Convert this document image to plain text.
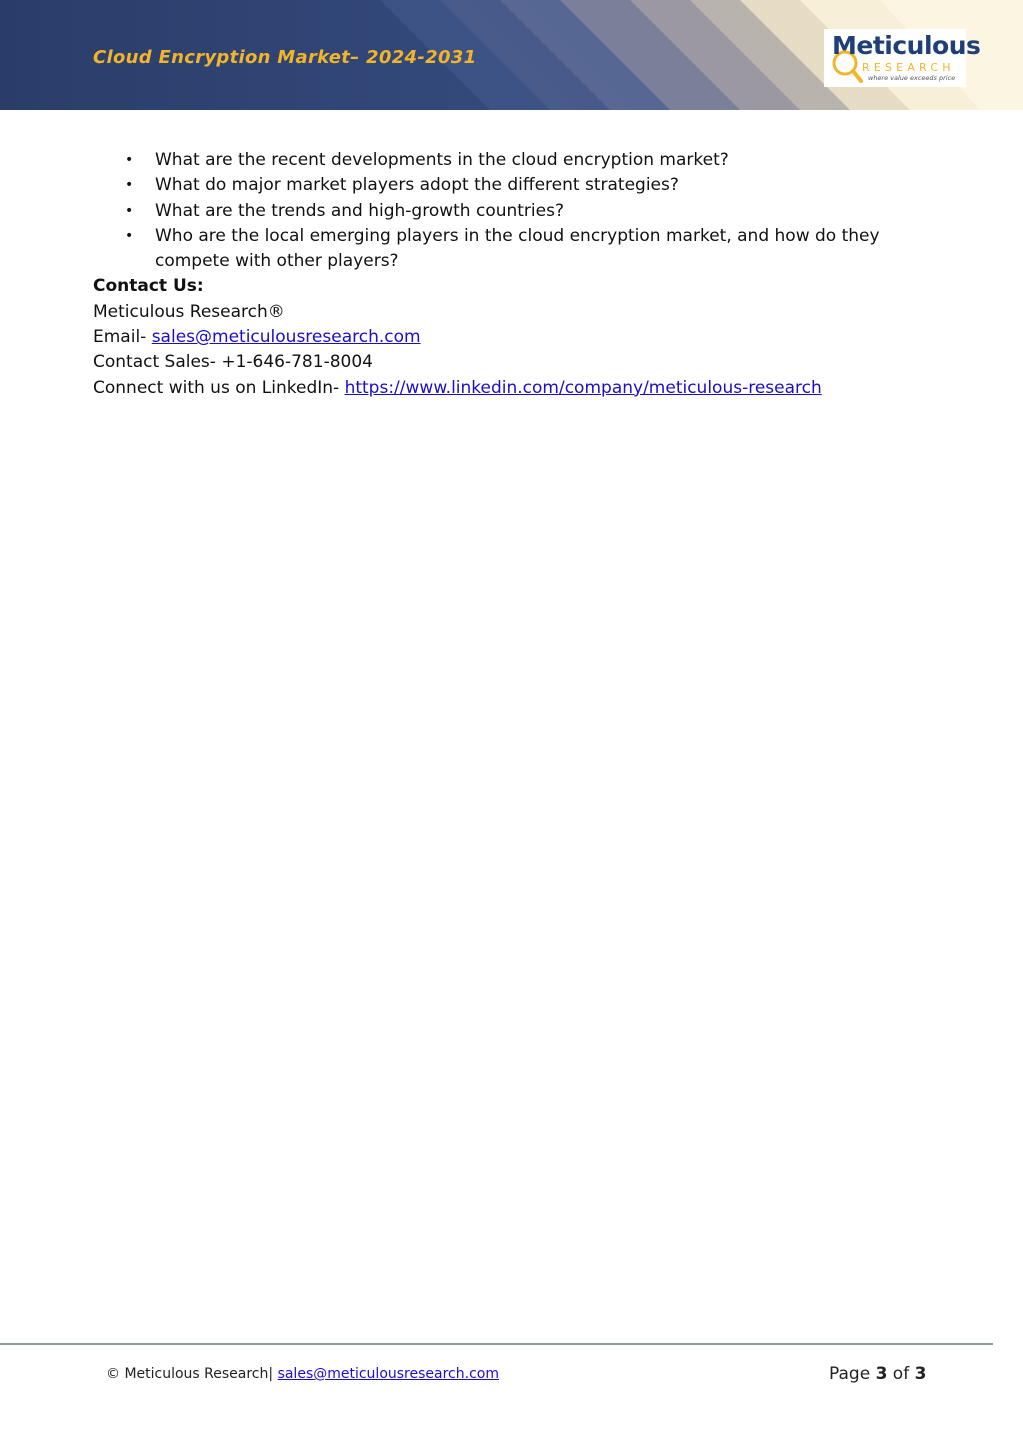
Cloud Encryption Market– 2024-2031	Meticulous
RESEARCH
where value exceeds price
• What are the recent developments in the cloud encryption market?
• What do major market players adopt the different strategies?
• What are the trends and high-growth countries?
• Who are the local emerging players in the cloud encryption market, and how do they compete with other players?
Contact Us:
Meticulous Research®
Email- sales@meticulousresearch.com
Contact Sales- +1-646-781-8004
Connect with us on LinkedIn- https://www.linkedin.com/company/meticulous-research
© Meticulous Research| sales@meticulousresearch.com	Page 3 of 3
